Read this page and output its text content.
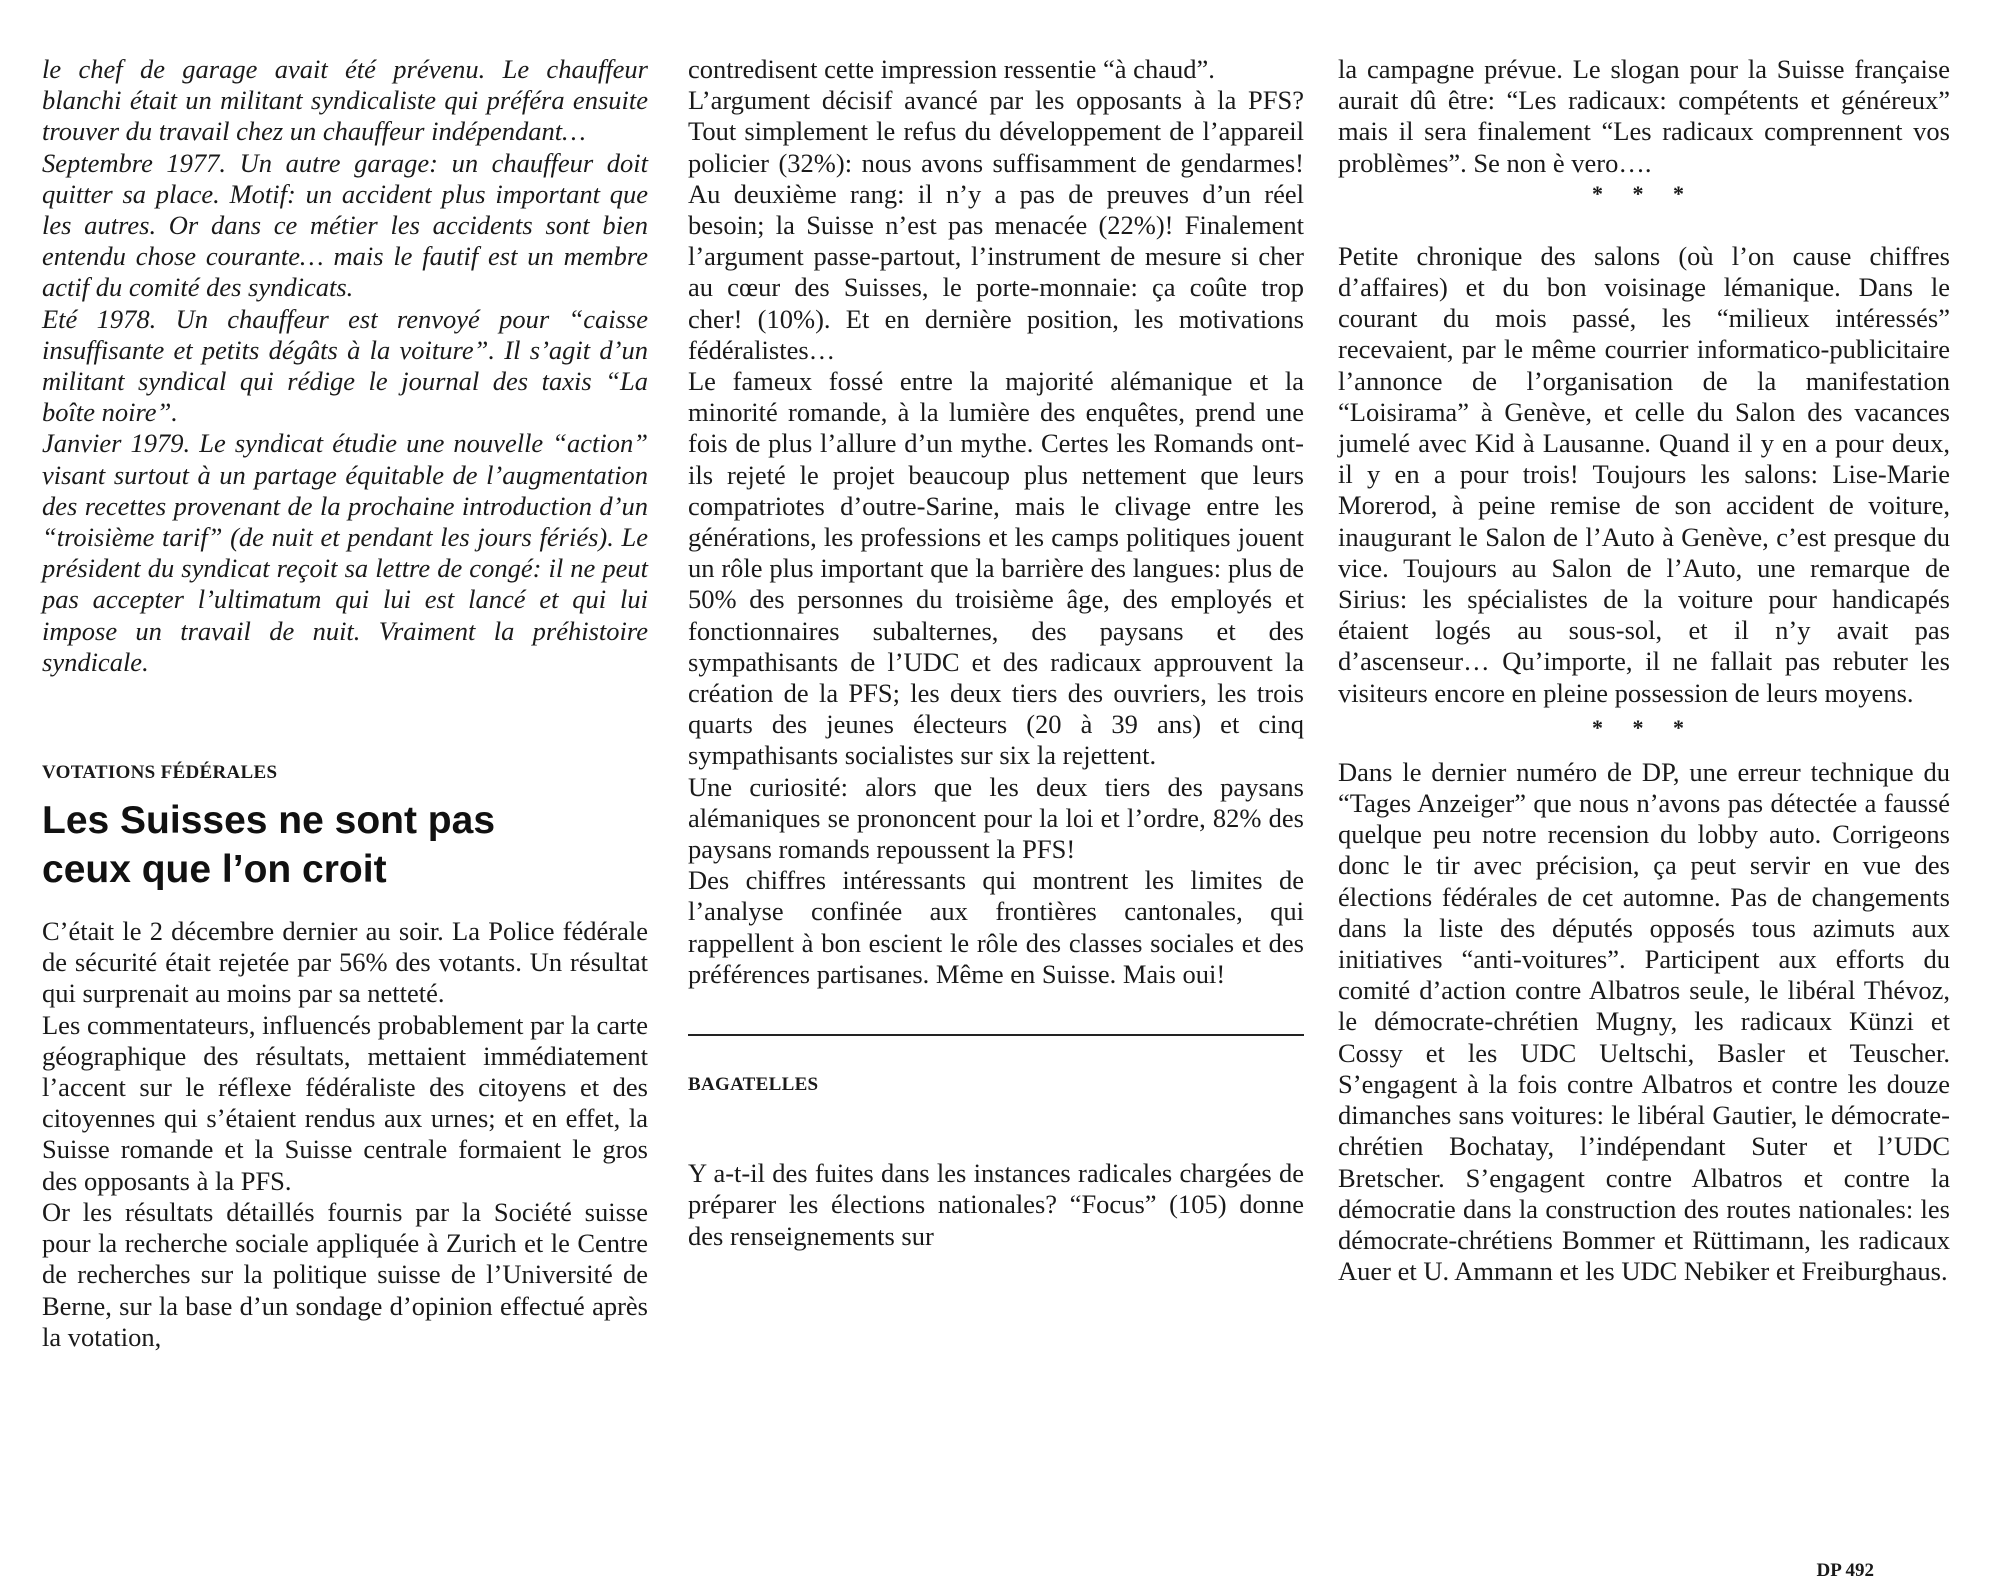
le chef de garage avait été prévenu. Le chauffeur blanchi était un militant syndicaliste qui préféra ensuite trouver du travail chez un chauffeur indépendant…

Septembre 1977. Un autre garage: un chauffeur doit quitter sa place. Motif: un accident plus important que les autres. Or dans ce métier les accidents sont bien entendu chose courante… mais le fautif est un membre actif du comité des syndicats.

Eté 1978. Un chauffeur est renvoyé pour “caisse insuffisante et petits dégâts à la voiture”. Il s’agit d’un militant syndical qui rédige le journal des taxis “La boîte noire”.

Janvier 1979. Le syndicat étudie une nouvelle “action” visant surtout à un partage équitable de l’augmentation des recettes provenant de la prochaine introduction d’un “troisième tarif” (de nuit et pendant les jours fériés). Le président du syndicat reçoit sa lettre de congé: il ne peut pas accepter l’ultimatum qui lui est lancé et qui lui impose un travail de nuit. Vraiment la préhistoire syndicale.

VOTATIONS FÉDÉRALES

Les Suisses ne sont pas

ceux que l’on croit

C’était le 2 décembre dernier au soir. La Police fédérale de sécurité était rejetée par 56% des votants. Un résultat qui surprenait au moins par sa netteté.

Les commentateurs, influencés probablement par la carte géographique des résultats, mettaient immédiatement l’accent sur le réflexe fédéraliste des citoyens et des citoyennes qui s’étaient rendus aux urnes; et en effet, la Suisse romande et la Suisse centrale formaient le gros des opposants à la PFS.

Or les résultats détaillés fournis par la Société suisse pour la recherche sociale appliquée à Zurich et le Centre de recherches sur la politique suisse de l’Université de Berne, sur la base d’un sondage d’opinion effectué après la votation,

contredisent cette impression ressentie “à chaud”.

L’argument décisif avancé par les opposants à la PFS? Tout simplement le refus du développement de l’appareil policier (32%): nous avons suffisamment de gendarmes! Au deuxième rang: il n’y a pas de preuves d’un réel besoin; la Suisse n’est pas menacée (22%)! Finalement l’argument passe-partout, l’instrument de mesure si cher au cœur des Suisses, le porte-monnaie: ça coûte trop cher! (10%). Et en dernière position, les motivations fédéralistes…

Le fameux fossé entre la majorité alémanique et la minorité romande, à la lumière des enquêtes, prend une fois de plus l’allure d’un mythe. Certes les Romands ont-ils rejeté le projet beaucoup plus nettement que leurs compatriotes d’outre-Sarine, mais le clivage entre les générations, les professions et les camps politiques jouent un rôle plus important que la barrière des langues: plus de 50% des personnes du troisième âge, des employés et fonctionnaires subalternes, des paysans et des sympathisants de l’UDC et des radicaux approuvent la création de la PFS; les deux tiers des ouvriers, les trois quarts des jeunes électeurs (20 à 39 ans) et cinq sympathisants socialistes sur six la rejettent.

Une curiosité: alors que les deux tiers des paysans alémaniques se prononcent pour la loi et l’ordre, 82% des paysans romands repoussent la PFS!

Des chiffres intéressants qui montrent les limites de l’analyse confinée aux frontières cantonales, qui rappellent à bon escient le rôle des classes sociales et des préférences partisanes. Même en Suisse. Mais oui!

BAGATELLES

Y a-t-il des fuites dans les instances radicales chargées de préparer les élections nationales? “Focus” (105) donne des renseignements sur

la campagne prévue. Le slogan pour la Suisse française aurait dû être: “Les radicaux: compétents et généreux” mais il sera finalement “Les radicaux comprennent vos problèmes”. Se non è vero….

* * *

Petite chronique des salons (où l’on cause chiffres d’affaires) et du bon voisinage lémanique. Dans le courant du mois passé, les “milieux intéressés” recevaient, par le même courrier informatico-publicitaire l’annonce de l’organisation de la manifestation “Loisirama” à Genève, et celle du Salon des vacances jumelé avec Kid à Lausanne. Quand il y en a pour deux, il y en a pour trois! Toujours les salons: Lise-Marie Morerod, à peine remise de son accident de voiture, inaugurant le Salon de l’Auto à Genève, c’est presque du vice. Toujours au Salon de l’Auto, une remarque de Sirius: les spécialistes de la voiture pour handicapés étaient logés au sous-sol, et il n’y avait pas d’ascenseur… Qu’importe, il ne fallait pas rebuter les visiteurs encore en pleine possession de leurs moyens.

* * *

Dans le dernier numéro de DP, une erreur technique du “Tages Anzeiger” que nous n’avons pas détectée a faussé quelque peu notre recension du lobby auto. Corrigeons donc le tir avec précision, ça peut servir en vue des élections fédérales de cet automne. Pas de changements dans la liste des députés opposés tous azimuts aux initiatives “anti-voitures”. Participent aux efforts du comité d’action contre Albatros seule, le libéral Thévoz, le démocrate-chrétien Mugny, les radicaux Künzi et Cossy et les UDC Ueltschi, Basler et Teuscher. S’engagent à la fois contre Albatros et contre les douze dimanches sans voitures: le libéral Gautier, le démocrate-chrétien Bochatay, l’indépendant Suter et l’UDC Bretscher. S’engagent contre Albatros et contre la démocratie dans la construction des routes nationales: les démocrate-chrétiens Bommer et Rüttimann, les radicaux Auer et U. Ammann et les UDC Nebiker et Freiburghaus.

DP 492
